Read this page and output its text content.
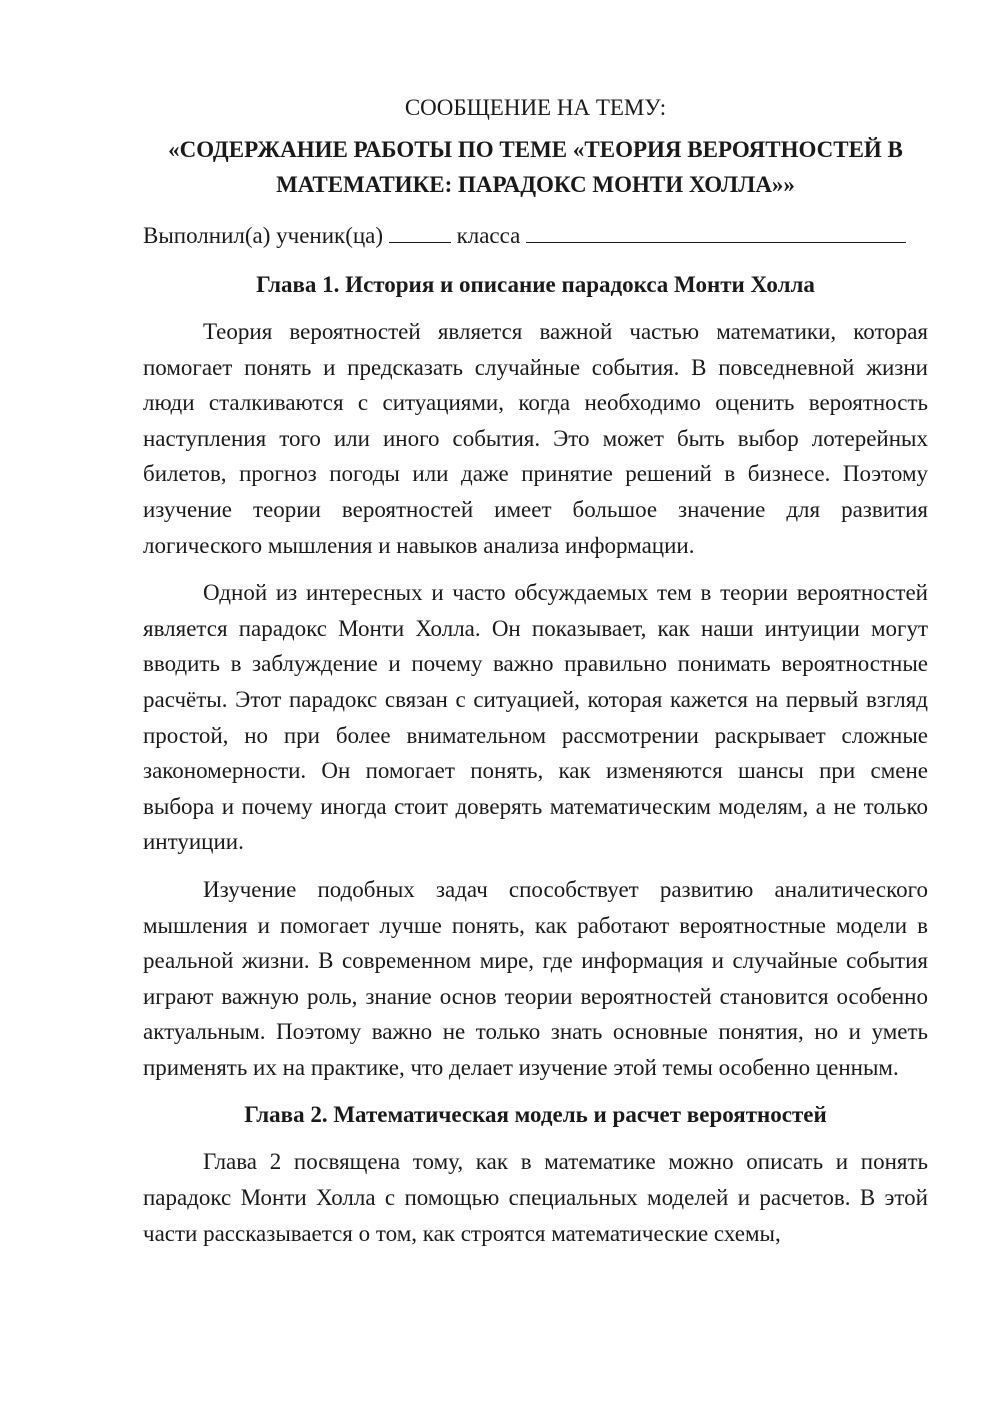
СООБЩЕНИЕ НА ТЕМУ:
«СОДЕРЖАНИЕ РАБОТЫ ПО ТЕМЕ «ТЕОРИЯ ВЕРОЯТНОСТЕЙ В МАТЕМАТИКЕ: ПАРАДОКС МОНТИ ХОЛЛА»»
Выполнил(а) ученик(ца)	класса
Глава 1. История и описание парадокса Монти Холла

Теория вероятностей является важной частью математики, которая помогает понять и предсказать случайные события. В повседневной жизни люди сталкиваются с ситуациями, когда необходимо оценить вероятность наступления того или иного события. Это может быть выбор лотерейных билетов, прогноз погоды или даже принятие решений в бизнесе. Поэтому изучение теории вероятностей имеет большое значение для развития логического мышления и навыков анализа информации.

Одной из интересных и часто обсуждаемых тем в теории вероятностей является парадокс Монти Холла. Он показывает, как наши интуиции могут вводить в заблуждение и почему важно правильно понимать вероятностные расчёты. Этот парадокс связан с ситуацией, которая кажется на первый взгляд простой, но при более внимательном рассмотрении раскрывает сложные закономерности. Он помогает понять, как изменяются шансы при смене выбора и почему иногда стоит доверять математическим моделям, а не только интуиции.

Изучение подобных задач способствует развитию аналитического мышления и помогает лучше понять, как работают вероятностные модели в реальной жизни. В современном мире, где информация и случайные события играют важную роль, знание основ теории вероятностей становится особенно актуальным. Поэтому важно не только знать основные понятия, но и уметь применять их на практике, что делает изучение этой темы особенно ценным.

Глава 2. Математическая модель и расчет вероятностей

Глава 2 посвящена тому, как в математике можно описать и понять парадокс Монти Холла с помощью специальных моделей и расчетов. В этой части рассказывается о том, как строятся математические схемы,
